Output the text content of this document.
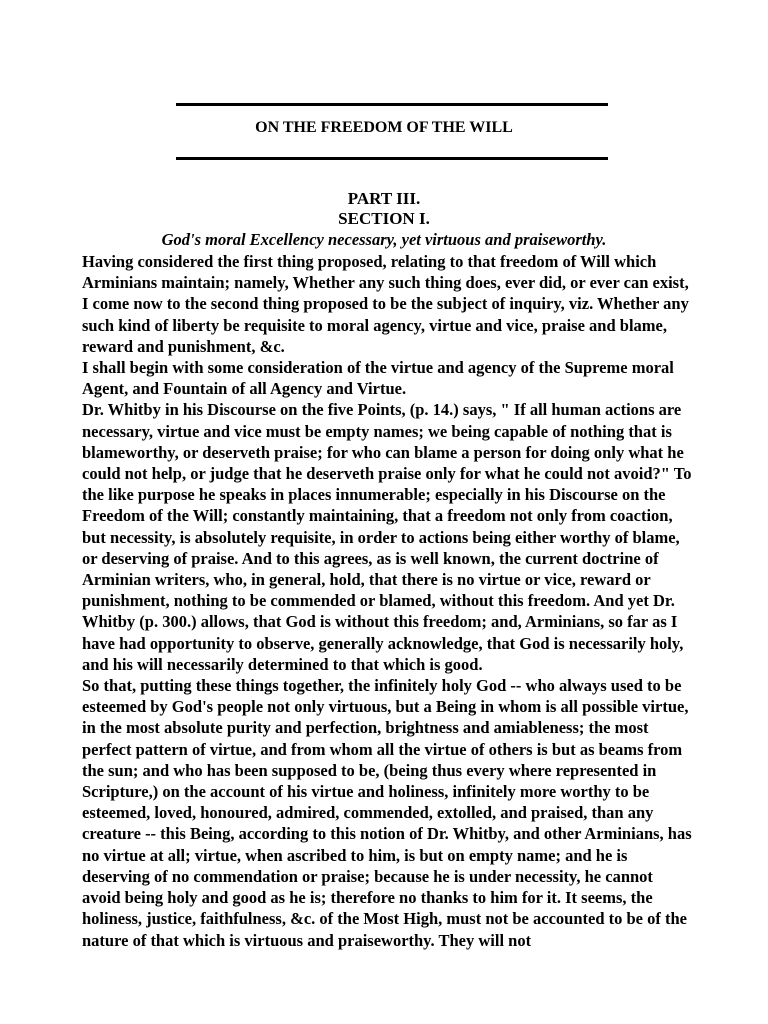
ON THE FREEDOM OF THE WILL
PART III.
SECTION I.
God's moral Excellency necessary, yet virtuous and praiseworthy.

Having considered the first thing proposed, relating to that freedom of Will which Arminians maintain; namely, Whether any such thing does, ever did, or ever can exist, I come now to the second thing proposed to be the subject of inquiry, viz. Whether any such kind of liberty be requisite to moral agency, virtue and vice, praise and blame, reward and punishment, &c.

I shall begin with some consideration of the virtue and agency of the Supreme moral Agent, and Fountain of all Agency and Virtue.

Dr. Whitby in his Discourse on the five Points, (p. 14.) says, " If all human actions are necessary, virtue and vice must be empty names; we being capable of nothing that is blameworthy, or deserveth praise; for who can blame a person for doing only what he could not help, or judge that he deserveth praise only for what he could not avoid?" To the like purpose he speaks in places innumerable; especially in his Discourse on the Freedom of the Will; constantly maintaining, that a freedom not only from coaction, but necessity, is absolutely requisite, in order to actions being either worthy of blame, or deserving of praise. And to this agrees, as is well known, the current doctrine of Arminian writers, who, in general, hold, that there is no virtue or vice, reward or punishment, nothing to be commended or blamed, without this freedom. And yet Dr. Whitby (p. 300.) allows, that God is without this freedom; and, Arminians, so far as I have had opportunity to observe, generally acknowledge, that God is necessarily holy, and his will necessarily determined to that which is good.

So that, putting these things together, the infinitely holy God -- who always used to be esteemed by God's people not only virtuous, but a Being in whom is all possible virtue, in the most absolute purity and perfection, brightness and amiableness; the most perfect pattern of virtue, and from whom all the virtue of others is but as beams from the sun; and who has been supposed to be, (being thus every where represented in Scripture,) on the account of his virtue and holiness, infinitely more worthy to be esteemed, loved, honoured, admired, commended, extolled, and praised, than any creature -- this Being, according to this notion of Dr. Whitby, and other Arminians, has no virtue at all; virtue, when ascribed to him, is but on empty name; and he is deserving of no commendation or praise; because he is under necessity, he cannot avoid being holy and good as he is; therefore no thanks to him for it. It seems, the holiness, justice, faithfulness, &c. of the Most High, must not be accounted to be of the nature of that which is virtuous and praiseworthy. They will not
